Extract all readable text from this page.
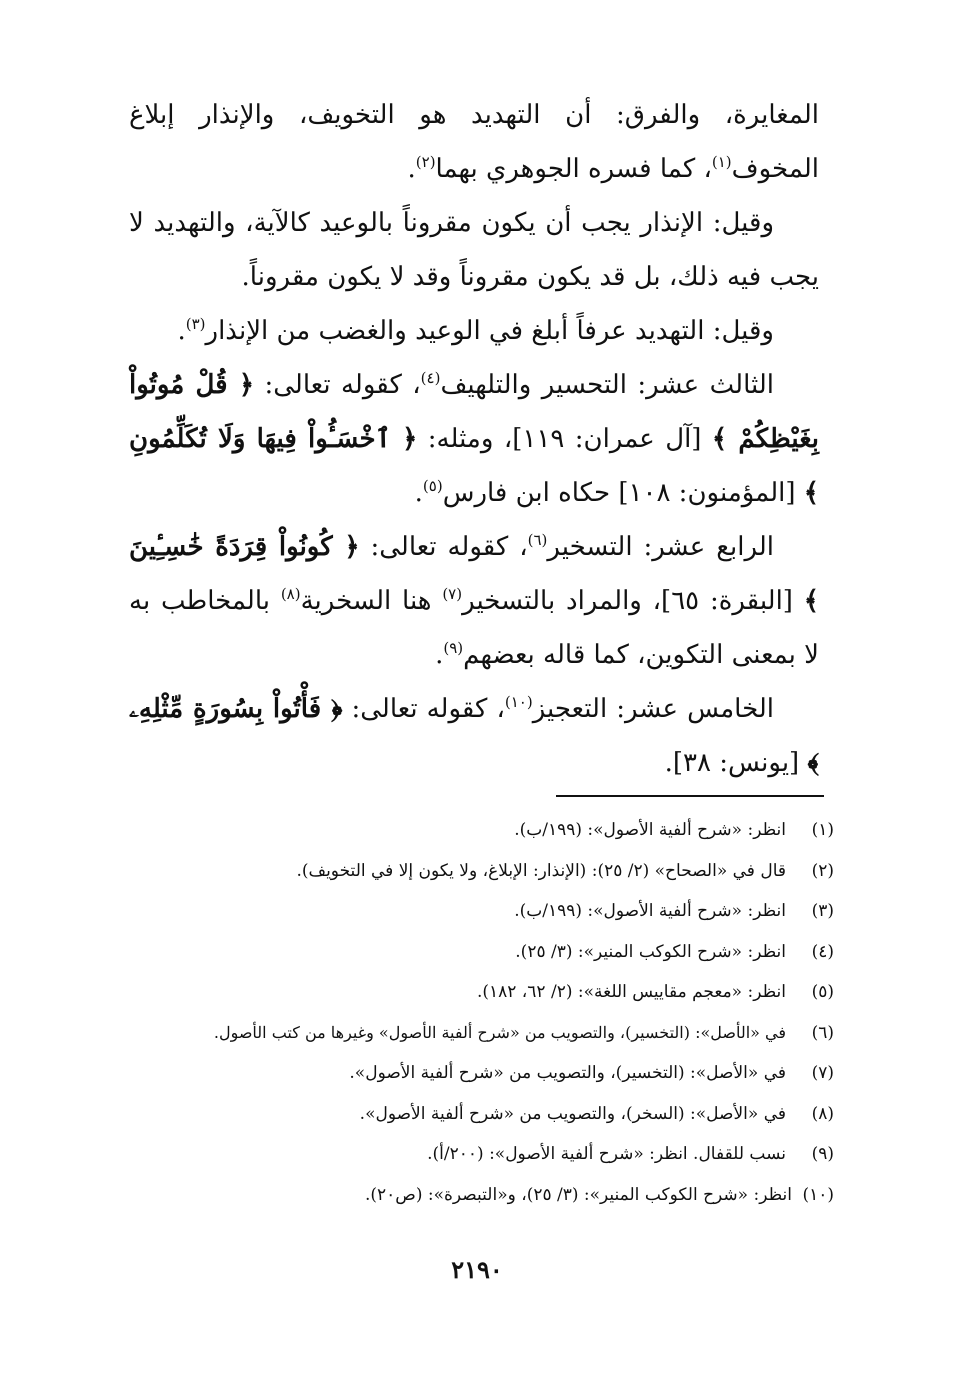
المغايرة، والفرق: أن التهديد هو التخويف، والإنذار إبلاغ المخوف$^{(١)}$، كما فسره الجوهري بهما$^{(٢)}$.

وقيل: الإنذار يجب أن يكون مقروناً بالوعيد كالآية، والتهديد لا يجب فيه ذلك، بل قد يكون مقروناً وقد لا يكون مقروناً.

وقيل: التهديد عرفاً أبلغ في الوعيد والغضب من الإنذار$^{(٣)}$.

الثالث عشر: التحسير والتلهيف$^{(٤)}$، كقوله تعالى: ﴿ قُلْ مُوتُواْ بِغَيْظِكُمْ ﴾ [آل عمران: ١١٩]، ومثله: ﴿ ٱخْسَـُٔواْ فِيهَا وَلَا تُكَلِّمُونِ ﴾ [المؤمنون: ١٠٨] حكاه ابن فارس$^{(٥)}$.

الرابع عشر: التسخير$^{(٦)}$، كقوله تعالى: ﴿ كُونُواْ قِرَدَةً خَٰسِـِٔينَ ﴾ [البقرة: ٦٥]، والمراد بالتسخير$^{(٧)}$ هنا السخرية$^{(٨)}$ بالمخاطب به لا بمعنى التكوين، كما قاله بعضهم$^{(٩)}$.

الخامس عشر: التعجيز$^{(١٠)}$، كقوله تعالى: ﴿ فَأْتُواْ بِسُورَةٍ مِّثْلِهِۦ ﴾ [يونس: ٣٨].

(١)
انظر: «شرح ألفية الأصول»: (١٩٩/ب).
(٢)
قال في «الصحاح» (٢/ ٢٥): (الإنذار: الإبلاغ، ولا يكون إلا في التخويف).
(٣)
انظر: «شرح ألفية الأصول»: (١٩٩/ب).
(٤)
انظر: «شرح الكوكب المنير»: (٣/ ٢٥).
(٥)
انظر: «معجم مقاييس اللغة»: (٢/ ٦٢، ١٨٢).
(٦)
في «الأصل»: (التخسير)، والتصويب من «شرح ألفية الأصول» وغيرها من كتب الأصول.
(٧)
في «الأصل»: (التخسير)، والتصويب من «شرح ألفية الأصول».
(٨)
في «الأصل»: (السخر)، والتصويب من «شرح ألفية الأصول».
(٩)
نسب للقفال. انظر: «شرح ألفية الأصول»: (٢٠٠/أ).
(١٠)
انظر: «شرح الكوكب المنير»: (٣/ ٢٥)، و«التبصرة»: (ص٢٠).
٢١٩٠
